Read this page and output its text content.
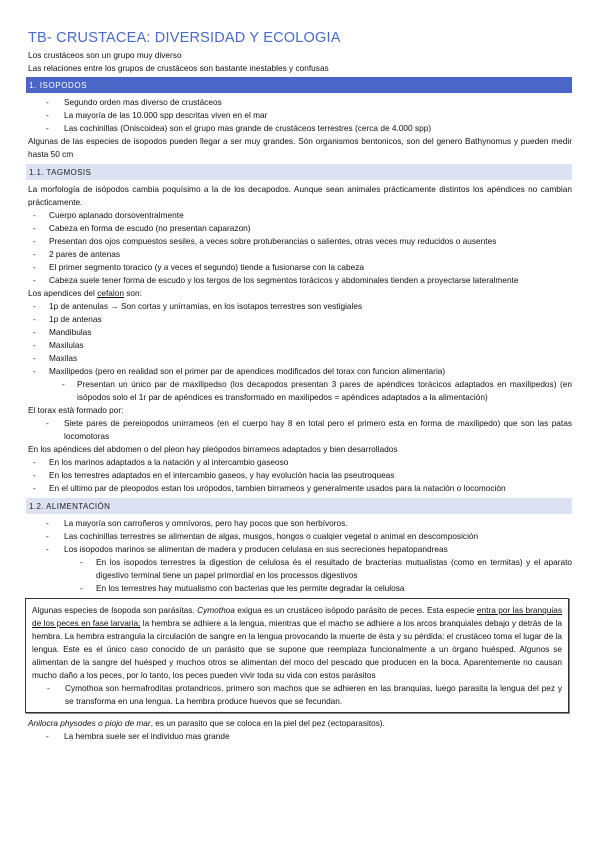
TB- CRUSTACEA: DIVERSIDAD Y ECOLOGIA
Los crustáceos son un grupo muy diverso
Las relaciones entre los grupos de crustáceos son bastante inestables y confusas
1. ISOPODOS
- Segundo orden mas diverso de crustáceos
- La mayoría de las 10.000 spp descritas viven en el mar
- Las cochinillas (Oniscoidea) son el grupo mas grande de crustáceos terrestres (cerca de 4.000 spp)
Algunas de las especies de isopodos pueden llegar a ser muy grandes. Són organismos bentonicos, son del genero Bathynomus y pueden medir hasta 50 cm
1.1. TAGMOSIS
La morfología de isópodos cambia poquísimo a la de los decapodos. Aunque sean animales prácticamente distintos los apéndices no cambian prácticamente.
- Cuerpo aplanado dorsoventralmente
- Cabeza en forma de escudo (no presentan caparazon)
- Presentan dos ojos compuestos sesiles, a veces sobre protuberancias o salientes, otras veces muy reducidos o ausentes
- 2 pares de antenas
- El primer segmento toracico (y a veces el segundo) tiende a fusionarse con la cabeza
- Cabeza suele tener forma de escudo y los tergos de los segmentos torácicos y abdominales tienden a proyectarse lateralmente
Los apendices del cefalon son:
- 1p de antenulas → Son cortas y unirramias, en los isotapos terrestres son vestigiales
- 1p de antenas
- Mandibulas
- Maxilulas
- Maxilas
- Maxilipedos (pero en realidad son el primer par de apendices modificados del torax con funcion alimentaria)
- Presentan un único par de maxilipedso (los decapodos presentan 3 pares de apéndices torácicos adaptados en maxilipedos) (en isópodos solo el 1r par de apéndices es transformado en maxilipedos = apéndices adaptados a la alimentación)
El torax està formado por:
- Siete pares de pereiopodos unirrameos (en el cuerpo hay 8 en total pero el primero esta en forma de maxilipedo) que son las patas locomotoras
En los apéndices del abdomen o del pleon hay pleópodos birrameos adaptados y bien desarrollados
- En los marinos adaptados a la natación y al intercambio gaseoso
- En los terrestres adaptados en el intercambio gaseos, y hay evolución hacia las pseutroqueas
- En el ultimo par de pleopodos estan los urópodos, tambien birrameos y generalmente usados para la natación o locomoción
1.2. ALIMENTACIÓN
- La mayoría son carroñeros y omnívoros, pero hay pocos que son herbívoros.
- Las cochinillas terrestres se alimentan de algas, musgos, hongos o cualqier vegetal o animal en descomposición
- Los isopodos marinos se alimentan de madera y producen celulasa en sus secreciones hepatopandreas
- En los isopodos terrestres la digestion de celulosa és el resultado de bracterias mutualistas (como en termitas) y el aparato digestivo terminal tiene un papel primordial en los processos digestivos
- En los terrestres hay mutualismo con bacterias que les permite degradar la celulosa
Algunas especies de Isopoda son parásitas. Cymothoa exigua es un crustáceo isópodo parásito de peces. Esta especie entra por las branquias de los peces en fase larvaria; la hembra se adhiere a la lengua, mientras que el macho se adhiere a los arcos branquiales debajo y detrás de la hembra. La hembra estrangula la circulación de sangre en la lengua provocando la muerte de ésta y su pérdida: el crustáceo toma el lugar de la lengua. Este es el único caso conocido de un parásito que se supone que reemplaza funcionalmente a un órgano huésped. Algunos se alimentan de la sangre del huésped y muchos otros se alimentan del moco del pescado que producen en la boca. Aparentemente no causan mucho daño a los peces, por lo tanto, los peces pueden vivir toda su vida con estos parásitos
- Cymothoa son hermafroditas protandricos, primero son machos que se adhieren en las branquias, luego parasita la lengua del pez y se transforma en una lengua. La hembra produce huevos que se fecundan.
Anilocra physodes o piojo de mar, es un parasito que se coloca en la piel del pez (ectoparasitos).
- La hembra suele ser el individuo mas grande
